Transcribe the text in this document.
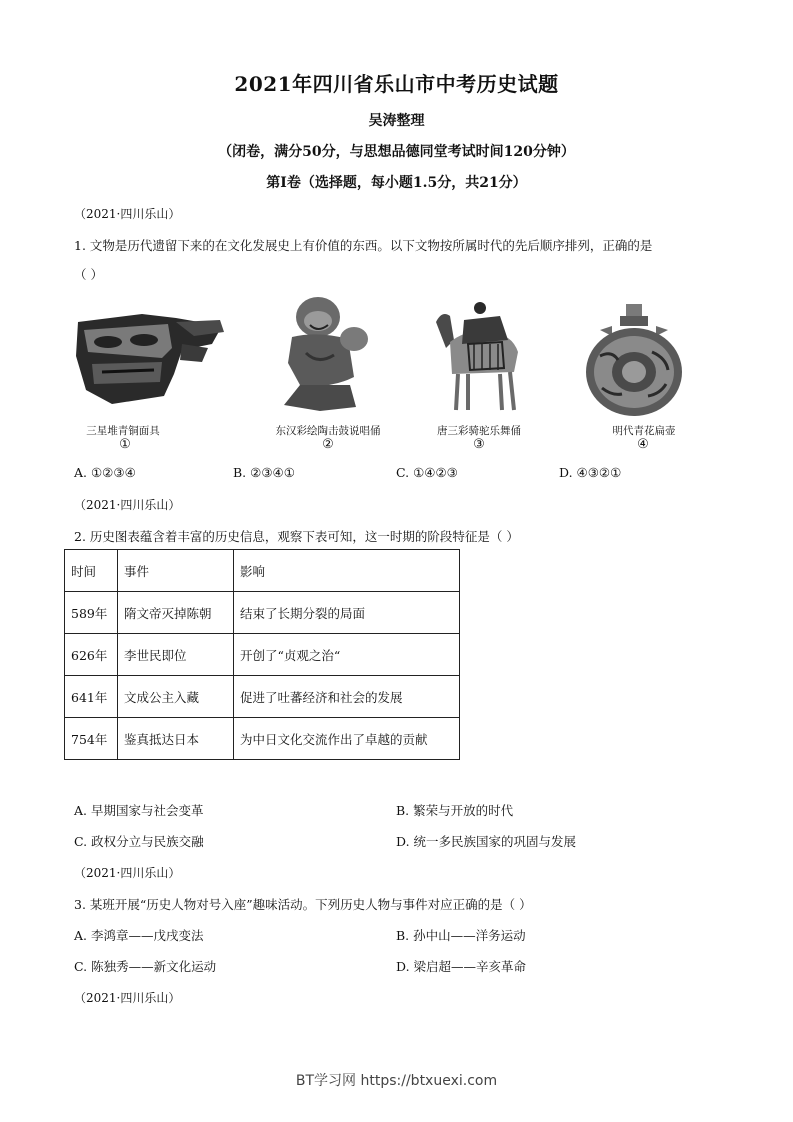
2021年四川省乐山市中考历史试题
吴涛整理
（闭卷，满分50分，与思想品德同堂考试时间120分钟）
第Ⅰ卷（选择题，每小题1.5分，共21分）
（2021·四川乐山）
1. 文物是历代遗留下来的在文化发展史上有价值的东西。以下文物按所属时代的先后顺序排列，正确的是
（ ）
三星堆青铜面具
①
东汉彩绘陶击鼓说唱俑
②
唐三彩骑驼乐舞俑
③
明代青花扁壶
④
A. ①②③④	B. ②③④①	C. ①④②③	D. ④③②①
（2021·四川乐山）
2. 历史图表蕴含着丰富的历史信息，观察下表可知，这一时期的阶段特征是（ ）
时间	事件	影响
589年	隋文帝灭掉陈朝	结束了长期分裂的局面
626年	李世民即位	开创了“贞观之治“
641年	文成公主入藏	促进了吐蕃经济和社会的发展
754年	鉴真抵达日本	为中日文化交流作出了卓越的贡献
A. 早期国家与社会变革	B. 繁荣与开放的时代
C. 政权分立与民族交融	D. 统一多民族国家的巩固与发展
（2021·四川乐山）
3. 某班开展“历史人物对号入座”趣味活动。下列历史人物与事件对应正确的是（ ）
A. 李鸿章——戊戌变法	B. 孙中山——洋务运动
C. 陈独秀——新文化运动	D. 梁启超——辛亥革命
（2021·四川乐山）
BT学习网 https://btxuexi.com
